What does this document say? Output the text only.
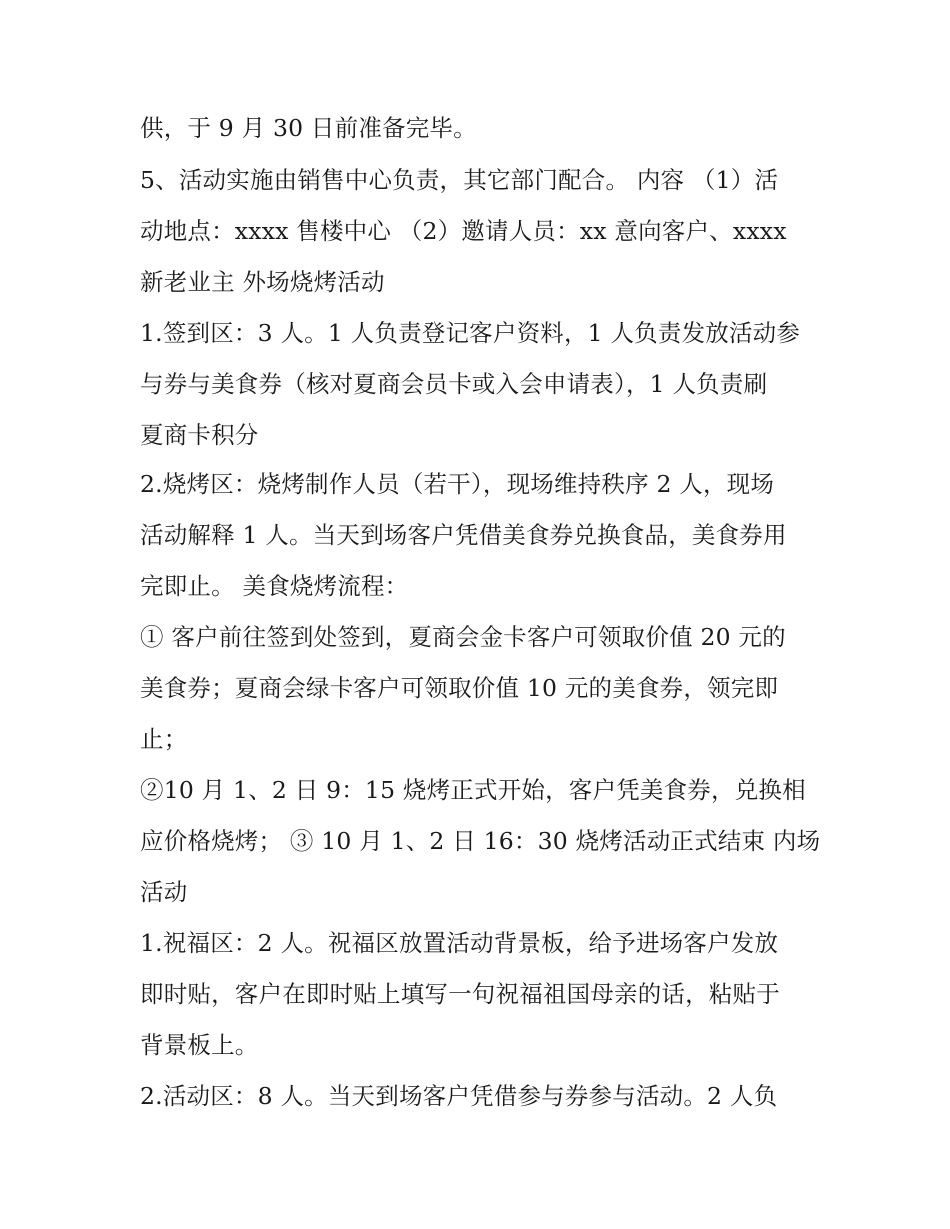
供，于 9 月 30 日前准备完毕。
5、活动实施由销售中心负责，其它部门配合。 内容 （1）活
动地点：xxxx 售楼中心 （2）邀请人员：xx 意向客户、xxxx
新老业主 外场烧烤活动
1.签到区：3 人。1 人负责登记客户资料，1 人负责发放活动参
与券与美食券（核对夏商会员卡或入会申请表），1 人负责刷
夏商卡积分
2.烧烤区：烧烤制作人员（若干），现场维持秩序 2 人，现场
活动解释 1 人。当天到场客户凭借美食券兑换食品，美食券用
完即止。 美食烧烤流程：
① 客户前往签到处签到，夏商会金卡客户可领取价值 20 元的
美食券；夏商会绿卡客户可领取价值 10 元的美食券，领完即
止；
②10 月 1、2 日 9：15 烧烤正式开始，客户凭美食券，兑换相
应价格烧烤； ③ 10 月 1、2 日 16：30 烧烤活动正式结束 内场
活动
1.祝福区：2 人。祝福区放置活动背景板，给予进场客户发放
即时贴，客户在即时贴上填写一句祝福祖国母亲的话，粘贴于
背景板上。
2.活动区：8 人。当天到场客户凭借参与券参与活动。2 人负
